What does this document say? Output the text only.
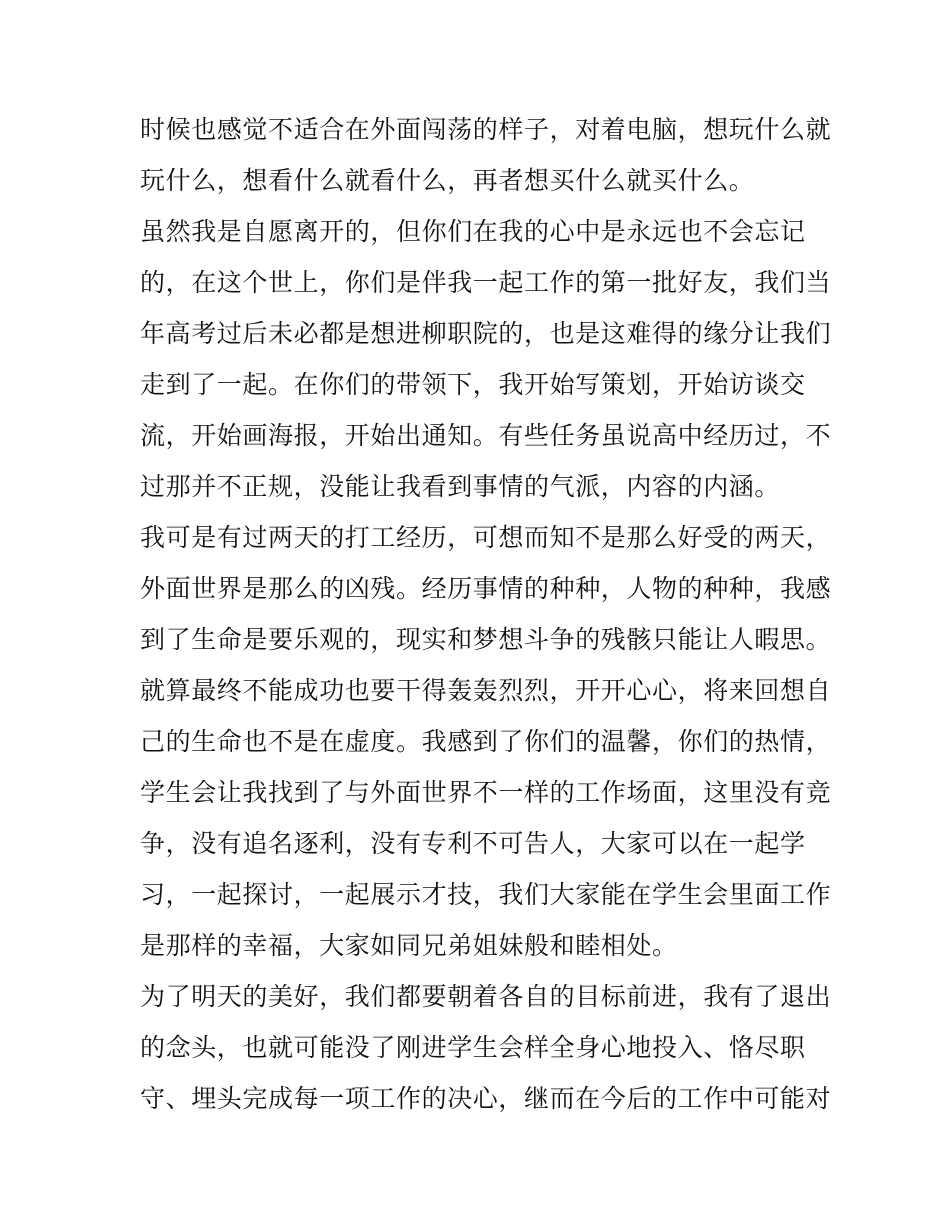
时候也感觉不适合在外面闯荡的样子，对着电脑，想玩什么就
玩什么，想看什么就看什么，再者想买什么就买什么。
虽然我是自愿离开的，但你们在我的心中是永远也不会忘记
的，在这个世上，你们是伴我一起工作的第一批好友，我们当
年高考过后未必都是想进柳职院的，也是这难得的缘分让我们
走到了一起。在你们的带领下，我开始写策划，开始访谈交
流，开始画海报，开始出通知。有些任务虽说高中经历过，不
过那并不正规，没能让我看到事情的气派，内容的内涵。
我可是有过两天的打工经历，可想而知不是那么好受的两天，
外面世界是那么的凶残。经历事情的种种，人物的种种，我感
到了生命是要乐观的，现实和梦想斗争的残骸只能让人暇思。
就算最终不能成功也要干得轰轰烈烈，开开心心，将来回想自
己的生命也不是在虚度。我感到了你们的温馨，你们的热情，
学生会让我找到了与外面世界不一样的工作场面，这里没有竞
争，没有追名逐利，没有专利不可告人，大家可以在一起学
习，一起探讨，一起展示才技，我们大家能在学生会里面工作
是那样的幸福，大家如同兄弟姐妹般和睦相处。
为了明天的美好，我们都要朝着各自的目标前进，我有了退出
的念头，也就可能没了刚进学生会样全身心地投入、恪尽职
守、埋头完成每一项工作的决心，继而在今后的工作中可能对
